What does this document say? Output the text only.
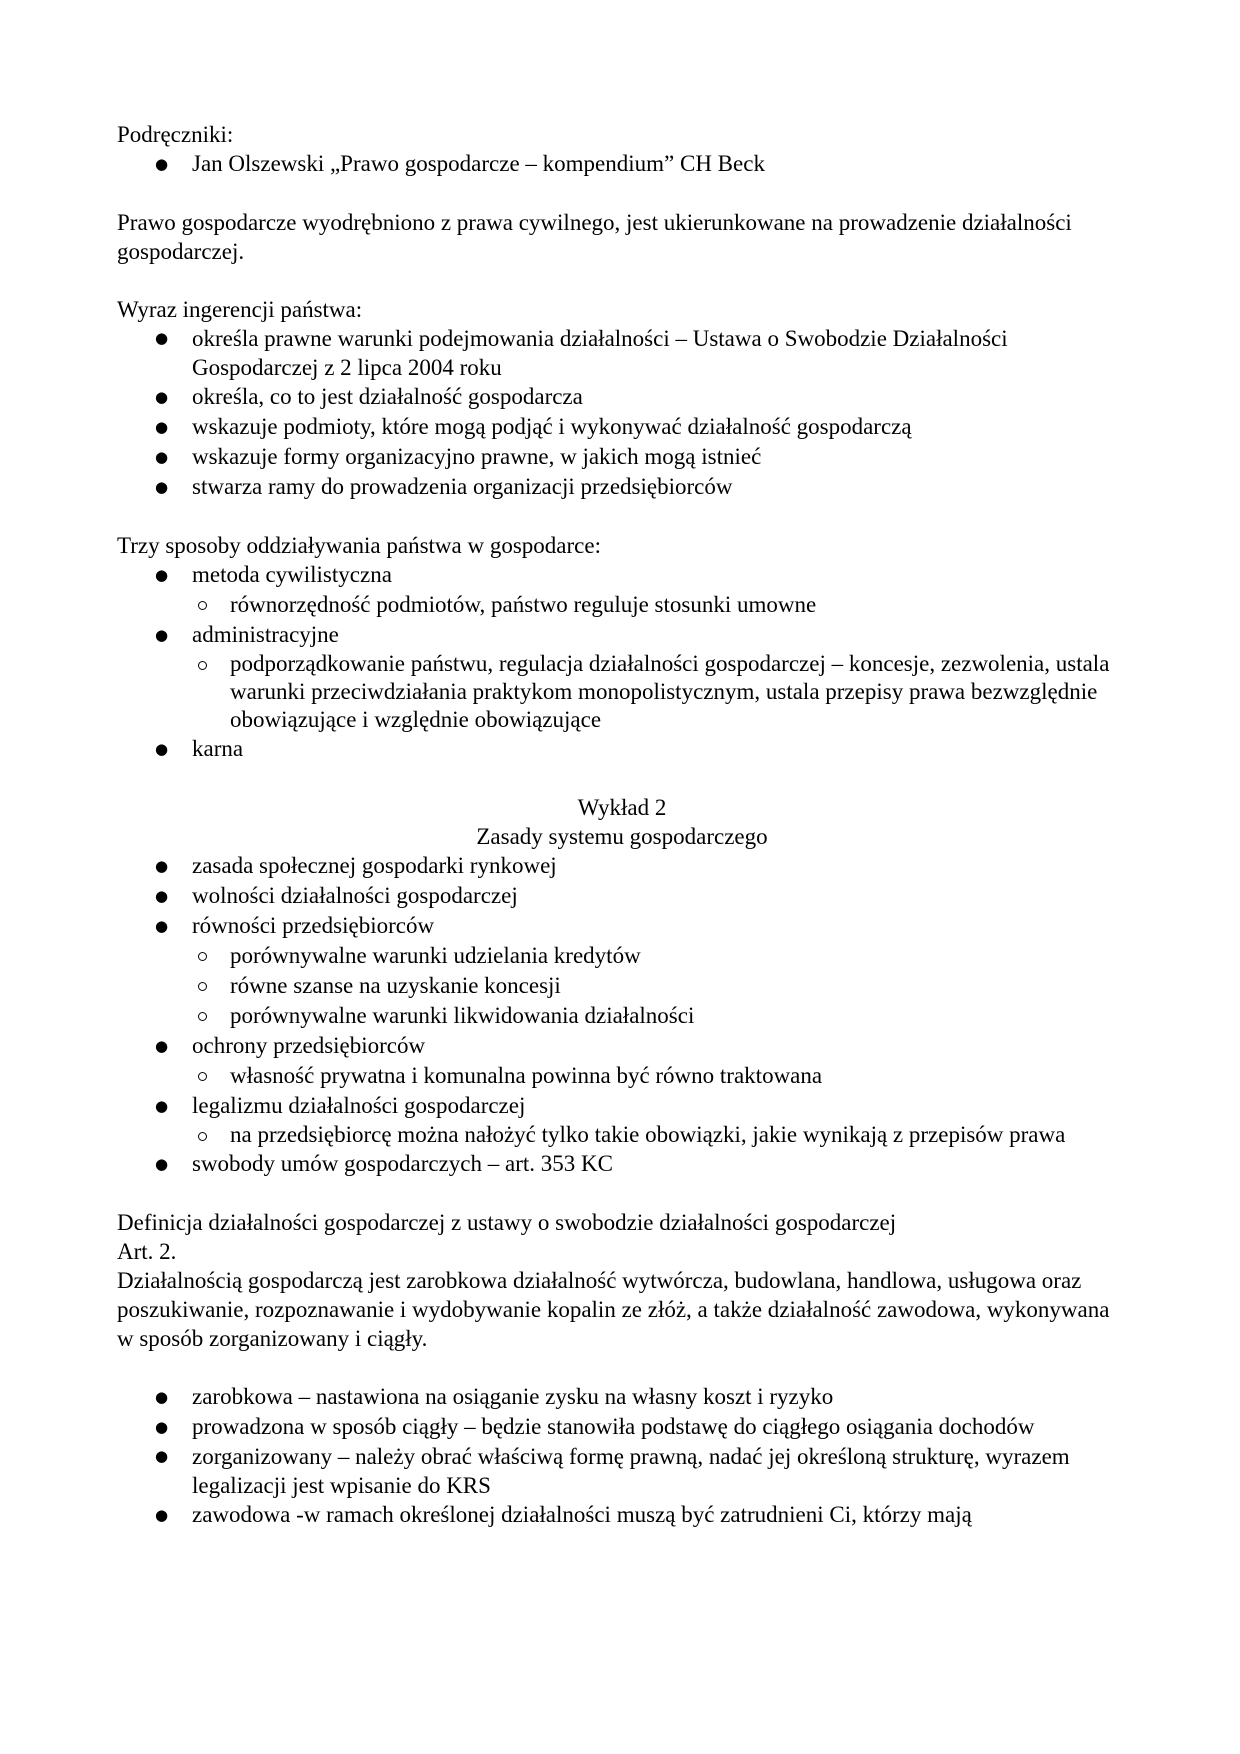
Podręczniki:

● Jan Olszewski „Prawo gospodarcze – kompendium” CH Beck

Prawo gospodarcze wyodrębniono z prawa cywilnego, jest ukierunkowane na prowadzenie działalności gospodarczej.

Wyraz ingerencji państwa:

● określa prawne warunki podejmowania działalności – Ustawa o Swobodzie Działalności Gospodarczej z 2 lipca 2004 roku
● określa, co to jest działalność gospodarcza
● wskazuje podmioty, które mogą podjąć i wykonywać działalność gospodarczą
● wskazuje formy organizacyjno prawne, w jakich mogą istnieć
● stwarza ramy do prowadzenia organizacji przedsiębiorców

Trzy sposoby oddziaływania państwa w gospodarce:

● metoda cywilistyczna
równorzędność podmiotów, państwo reguluje stosunki umowne
● administracyjne
podporządkowanie państwu, regulacja działalności gospodarczej – koncesje, zezwolenia, ustala warunki przeciwdziałania praktykom monopolistycznym, ustala przepisy prawa bezwzględnie obowiązujące i względnie obowiązujące
● karna

Wykład 2

Zasady systemu gospodarczego

● zasada społecznej gospodarki rynkowej
● wolności działalności gospodarczej
● równości przedsiębiorców
porównywalne warunki udzielania kredytów
równe szanse na uzyskanie koncesji
porównywalne warunki likwidowania działalności
● ochrony przedsiębiorców
własność prywatna i komunalna powinna być równo traktowana
● legalizmu działalności gospodarczej
na przedsiębiorcę można nałożyć tylko takie obowiązki, jakie wynikają z przepisów prawa
● swobody umów gospodarczych – art. 353 KC

Definicja działalności gospodarczej z ustawy o swobodzie działalności gospodarczej

Art. 2.

Działalnością gospodarczą jest zarobkowa działalność wytwórcza, budowlana, handlowa, usługowa oraz poszukiwanie, rozpoznawanie i wydobywanie kopalin ze złóż, a także działalność zawodowa, wykonywana w sposób zorganizowany i ciągły.

● zarobkowa – nastawiona na osiąganie zysku na własny koszt i ryzyko
● prowadzona w sposób ciągły – będzie stanowiła podstawę do ciągłego osiągania dochodów
● zorganizowany – należy obrać właściwą formę prawną, nadać jej określoną strukturę, wyrazem legalizacji jest wpisanie do KRS
● zawodowa -w ramach określonej działalności muszą być zatrudnieni Ci, którzy mają
